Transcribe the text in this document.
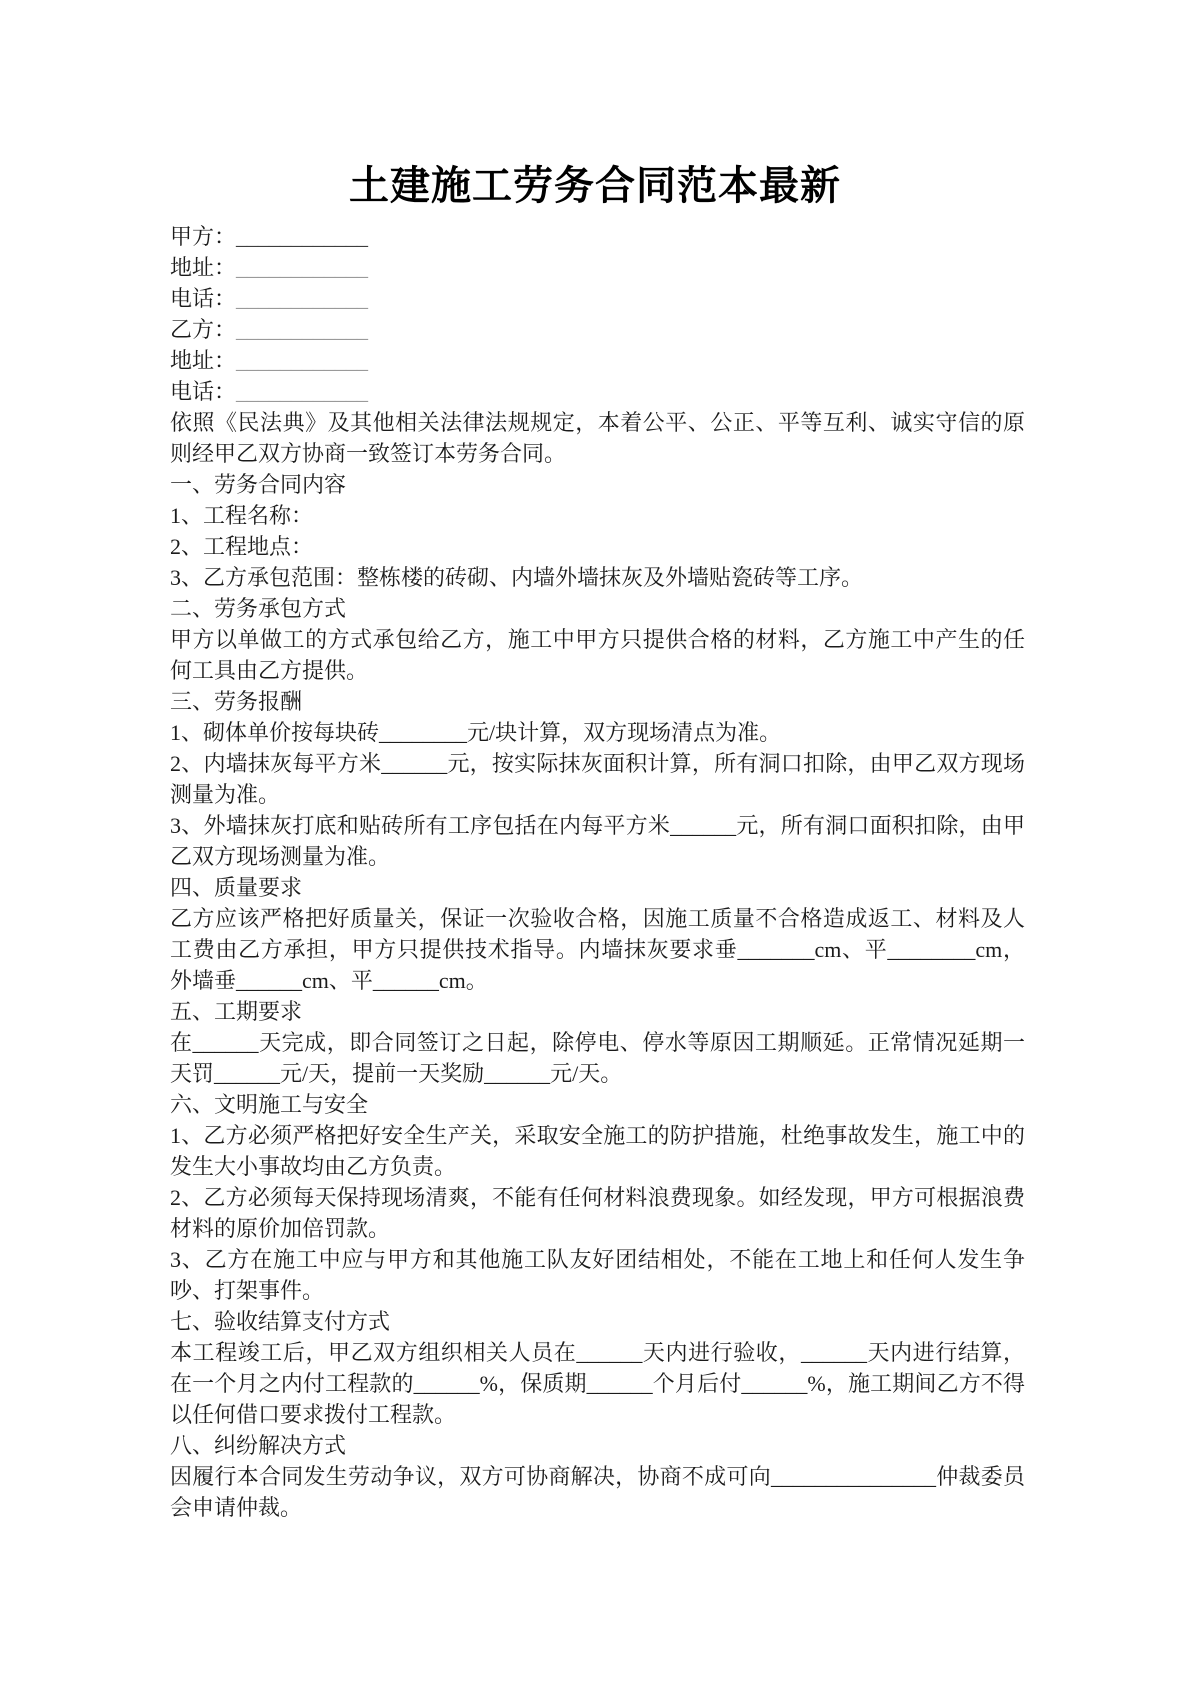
土建施工劳务合同范本最新
甲方：____________
地址：____________
电话：____________
乙方：____________
地址：____________
电话：____________

依照《民法典》及其他相关法律法规规定，本着公平、公正、平等互利、诚实守信的原则经甲乙双方协商一致签订本劳务合同。

一、劳务合同内容

1、工程名称：

2、工程地点：

3、乙方承包范围：整栋楼的砖砌、内墙外墙抹灰及外墙贴瓷砖等工序。

二、劳务承包方式

甲方以单做工的方式承包给乙方，施工中甲方只提供合格的材料，乙方施工中产生的任何工具由乙方提供。

三、劳务报酬

1、砌体单价按每块砖________元/块计算，双方现场清点为准。

2、内墙抹灰每平方米______元，按实际抹灰面积计算，所有洞口扣除，由甲乙双方现场测量为准。

3、外墙抹灰打底和贴砖所有工序包括在内每平方米______元，所有洞口面积扣除，由甲乙双方现场测量为准。

四、质量要求

乙方应该严格把好质量关，保证一次验收合格，因施工质量不合格造成返工、材料及人工费由乙方承担，甲方只提供技术指导。内墙抹灰要求垂_______cm、平________cm，外墙垂______cm、平______cm。

五、工期要求

在______天完成，即合同签订之日起，除停电、停水等原因工期顺延。正常情况延期一天罚______元/天，提前一天奖励______元/天。

六、文明施工与安全

1、乙方必须严格把好安全生产关，采取安全施工的防护措施，杜绝事故发生，施工中的发生大小事故均由乙方负责。

2、乙方必须每天保持现场清爽，不能有任何材料浪费现象。如经发现，甲方可根据浪费材料的原价加倍罚款。

3、乙方在施工中应与甲方和其他施工队友好团结相处，不能在工地上和任何人发生争吵、打架事件。

七、验收结算支付方式

本工程竣工后，甲乙双方组织相关人员在______天内进行验收，______天内进行结算，在一个月之内付工程款的______%，保质期______个月后付______%，施工期间乙方不得以任何借口要求拨付工程款。

八、纠纷解决方式

因履行本合同发生劳动争议，双方可协商解决，协商不成可向_______________仲裁委员会申请仲裁。
